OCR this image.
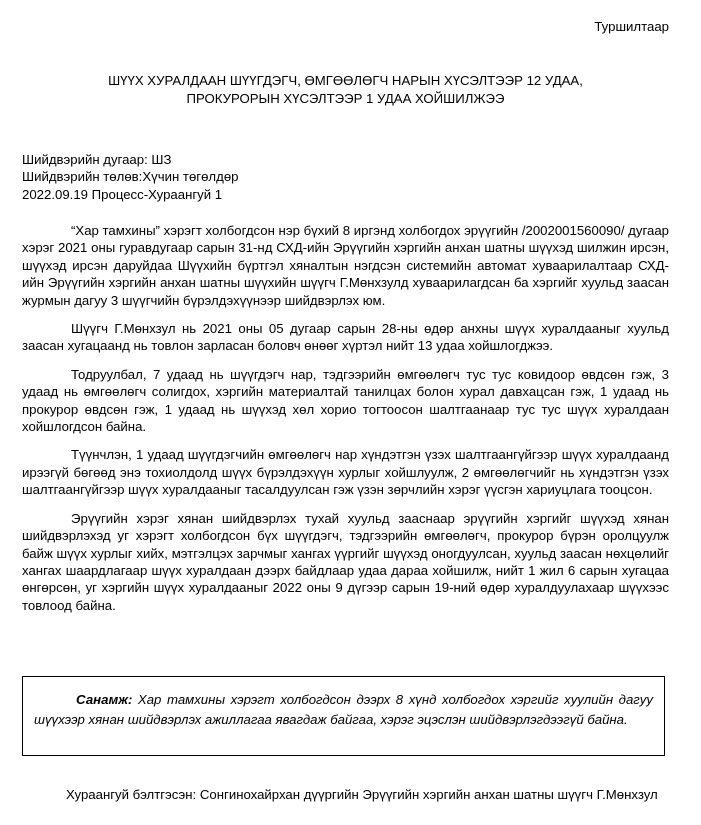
Туршилтаар
ШҮҮХ ХУРАЛДААН ШҮҮГДЭГЧ, ӨМГӨӨЛӨГЧ НАРЫН ХҮСЭЛТЭЭР 12 УДАА,
ПРОКУРОРЫН ХҮСЭЛТЭЭР 1 УДАА ХОЙШИЛЖЭЭ
Шийдвэрийн дугаар: ШЗ
Шийдвэрийн төлөв:Хүчин төгөлдөр
2022.09.19 Процесс-Хураангуй 1

“Хар тамхины” хэрэгт холбогдсон нэр бүхий 8 иргэнд холбогдох эрүүгийн /2002001560090/ дугаар хэрэг 2021 оны гуравдугаар сарын 31-нд СХД-ийн Эрүүгийн хэргийн анхан шатны шүүхэд шилжин ирсэн, шүүхэд ирсэн даруйдаа Шүүхийн бүртгэл хяналтын нэгдсэн системийн автомат хуваарилалтаар СХД-ийн Эрүүгийн хэргийн анхан шатны шүүхийн шүүгч Г.Мөнхзулд хуваарилагдсан ба хэргийг хуульд заасан журмын дагуу 3 шүүгчийн бүрэлдэхүүнээр шийдвэрлэх юм.

Шүүгч Г.Мөнхзул нь 2021 оны 05 дугаар сарын 28-ны өдөр анхны шүүх хуралдааныг хуульд заасан хугацаанд нь товлон зарласан боловч өнөөг хүртэл нийт 13 удаа хойшлогджээ.

Тодруулбал, 7 удаад нь шүүгдэгч нар, тэдгээрийн өмгөөлөгч тус тус ковидоор өвдсөн гэж, 3 удаад нь өмгөөлөгч солигдох, хэргийн материалтай танилцах болон хурал давхацсан гэж, 1 удаад нь прокурор өвдсөн гэж, 1 удаад нь шүүхэд хөл хорио тогтоосон шалтгаанаар тус тус шүүх хуралдаан хойшлогдсон байна.

Түүнчлэн, 1 удаад шүүгдэгчийн өмгөөлөгч нар хүндэтгэн үзэх шалтгаангүйгээр шүүх хуралдаанд ирээгүй бөгөөд энэ тохиолдолд шүүх бүрэлдэхүүн хурлыг хойшлуулж, 2 өмгөөлөгчийг нь хүндэтгэн үзэх шалтгаангүйгээр шүүх хуралдааныг тасалдуулсан гэж үзэн зөрчлийн хэрэг үүсгэн хариуцлага тооцсон.

Эрүүгийн хэрэг хянан шийдвэрлэх тухай хуульд зааснаар эрүүгийн хэргийг шүүхэд хянан шийдвэрлэхэд уг хэрэгт холбогдсон бүх шүүгдэгч, тэдгээрийн өмгөөлөгч, прокурор бүрэн оролцуулж байж шүүх хурлыг хийх, мэтгэлцэх зарчмыг хангах үүргийг шүүхэд оногдуулсан, хуульд заасан нөхцөлийг хангах шаардлагаар шүүх хуралдаан дээрх байдлаар удаа дараа хойшилж, нийт 1 жил 6 сарын хугацаа өнгөрсөн, уг хэргийн шүүх хуралдааныг 2022 оны 9 дүгээр сарын 19-ний өдөр хуралдуулахаар шүүхээс товлоод байна.

Санамж: Хар тамхины хэрэгт холбогдсон дээрх 8 хүнд холбогдох хэргийг хуулийн дагуу шүүхээр хянан шийдвэрлэх ажиллагаа явагдаж байгаа, хэрэг эцэслэн шийдвэрлэгдээгүй байна.

Хураангуй бэлтгэсэн: Сонгинохайрхан дүүргийн Эрүүгийн хэргийн анхан шатны шүүгч Г.Мөнхзул
